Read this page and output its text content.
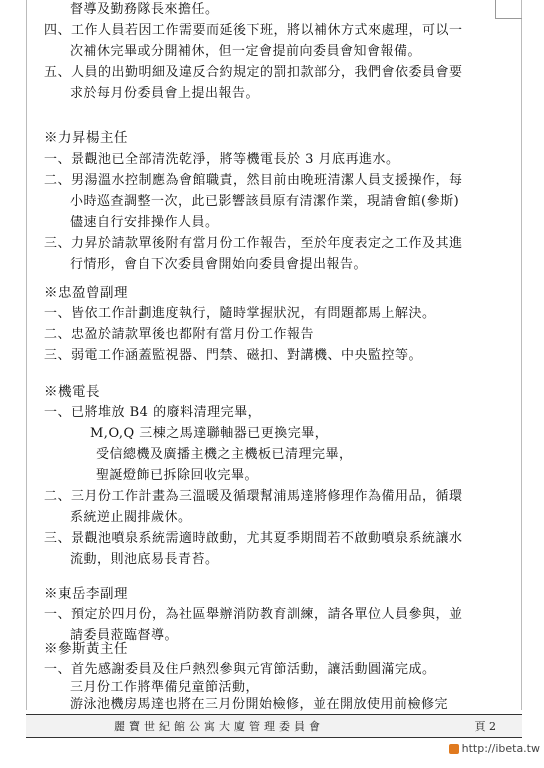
督導及勤務隊長來擔任。
四、工作人員若因工作需要而延後下班，將以補休方式來處理，可以一
次補休完畢或分開補休，但一定會提前向委員會知會報備。
五、人員的出勤明細及違反合約規定的罰扣款部分，我們會依委員會要
求於每月份委員會上提出報告。
※力昇楊主任
一、景觀池已全部清洗乾淨，將等機電長於 3 月底再進水。
二、男湯溫水控制應為會館職責，然目前由晚班清潔人員支援操作，每
小時巡查調整一次，此已影響該員原有清潔作業，現請會館(參斯)
儘速自行安排操作人員。
三、力昇於請款單後附有當月份工作報告，至於年度表定之工作及其進
行情形，會自下次委員會開始向委員會提出報告。
※忠盈曾副理
一、皆依工作計劃進度執行，隨時掌握狀況，有問題都馬上解決。
二、忠盈於請款單後也都附有當月份工作報告
三、弱電工作涵蓋監視器、門禁、磁扣、對講機、中央監控等。
※機電長
一、已將堆放 B4 的廢料清理完畢，
M,O,Q 三棟之馬達聯軸器已更換完畢，
受信總機及廣播主機之主機板已清理完畢，
聖誕燈飾已拆除回收完畢。
二、三月份工作計畫為三溫暖及循環幫浦馬達將修理作為備用品，循環
系統逆止閥排歲休。
三、景觀池噴泉系統需適時啟動，尤其夏季期間若不啟動噴泉系統讓水
流動，則池底易長青苔。
※東岳李副理
一、預定於四月份，為社區舉辦消防教育訓練，請各單位人員參與，並
請委員蒞臨督導。
※參斯黃主任
一、首先感謝委員及住戶熱烈參與元宵節活動，讓活動圓滿完成。
三月份工作將準備兒童節活動，
游泳池機房馬達也將在三月份開始檢修，並在開放使用前檢修完
麗寶世紀館公寓大廈管理委員會	頁 2
http://ibeta.tw
